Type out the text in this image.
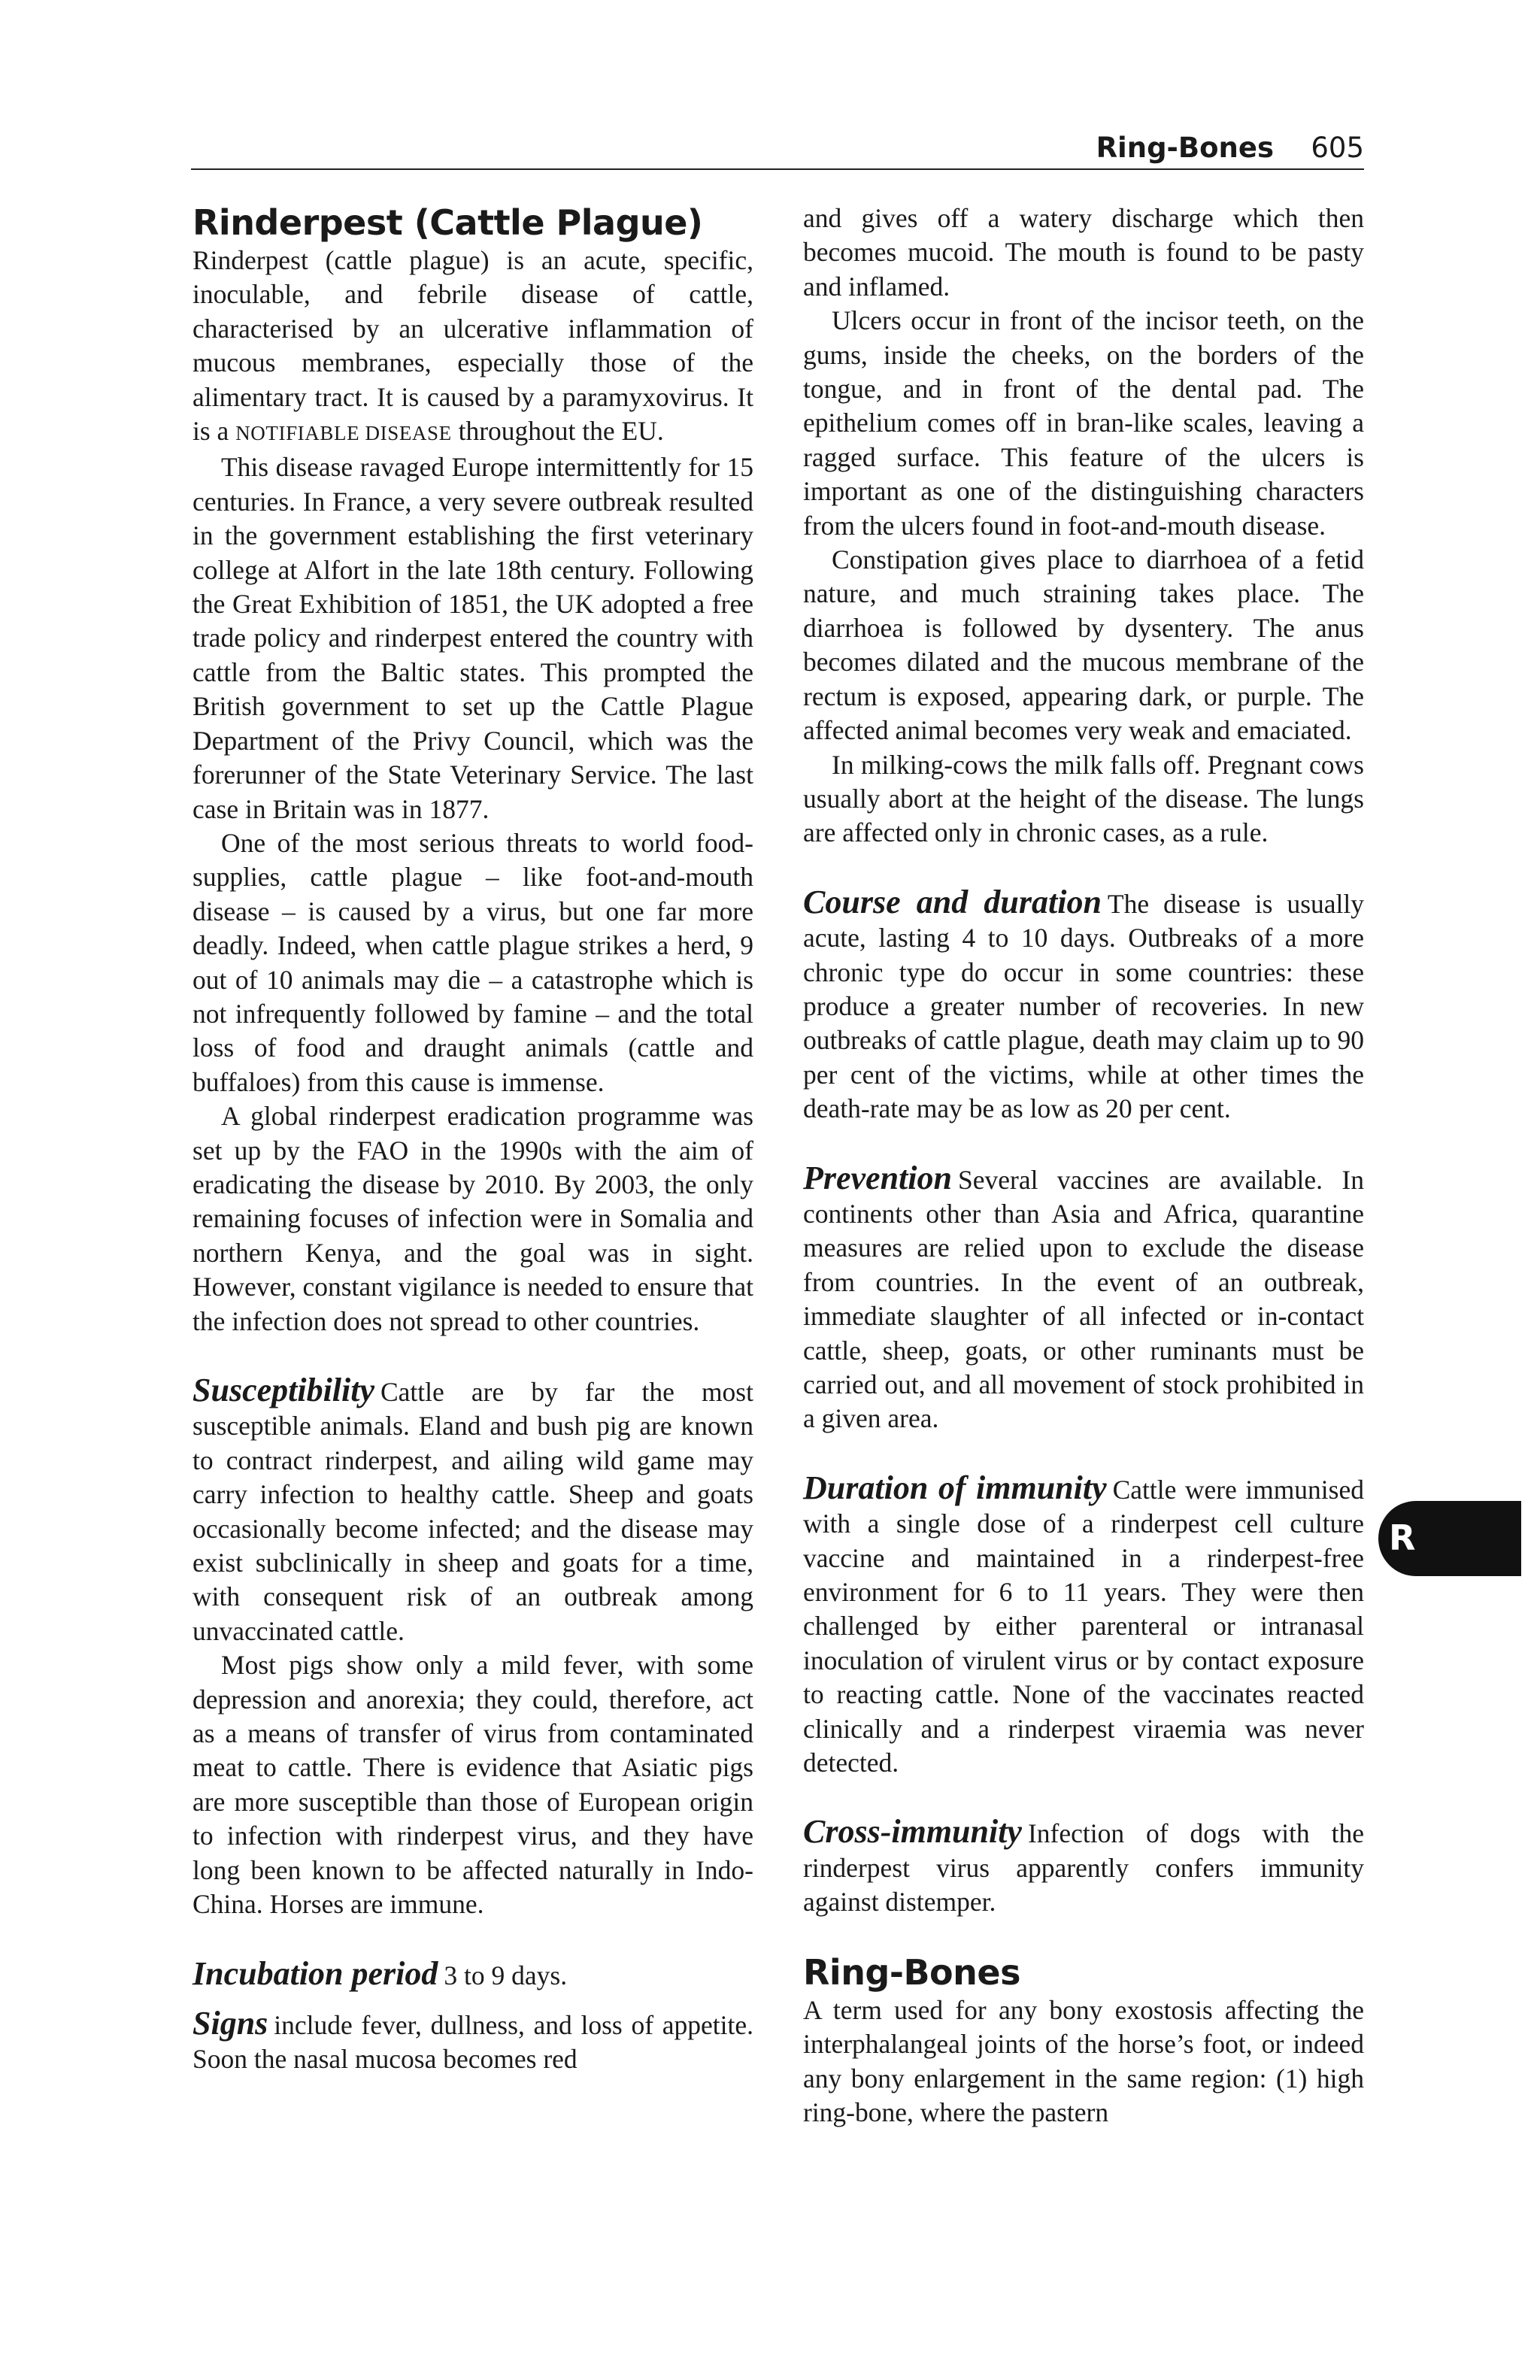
Ring-Bones 605
Rinderpest (Cattle Plague)

Rinderpest (cattle plague) is an acute, specific, inoculable, and febrile disease of cattle, characterised by an ulcerative inflammation of mucous membranes, especially those of the alimentary tract. It is caused by a paramyxovirus. It is a NOTIFIABLE DISEASE throughout the EU.

This disease ravaged Europe intermittently for 15 centuries. In France, a very severe outbreak resulted in the government establishing the first veterinary college at Alfort in the late 18th century. Following the Great Exhibition of 1851, the UK adopted a free trade policy and rinderpest entered the country with cattle from the Baltic states. This prompted the British government to set up the Cattle Plague Department of the Privy Council, which was the forerunner of the State Veterinary Service. The last case in Britain was in 1877.

One of the most serious threats to world food-supplies, cattle plague – like foot-and-mouth disease – is caused by a virus, but one far more deadly. Indeed, when cattle plague strikes a herd, 9 out of 10 animals may die – a catastrophe which is not infrequently followed by famine – and the total loss of food and draught animals (cattle and buffaloes) from this cause is immense.

A global rinderpest eradication programme was set up by the FAO in the 1990s with the aim of eradicating the disease by 2010. By 2003, the only remaining focuses of infection were in Somalia and northern Kenya, and the goal was in sight. However, constant vigilance is needed to ensure that the infection does not spread to other countries.

Susceptibility Cattle are by far the most susceptible animals. Eland and bush pig are known to contract rinderpest, and ailing wild game may carry infection to healthy cattle. Sheep and goats occasionally become infected; and the disease may exist subclinically in sheep and goats for a time, with consequent risk of an outbreak among unvaccinated cattle.

Most pigs show only a mild fever, with some depression and anorexia; they could, therefore, act as a means of transfer of virus from contaminated meat to cattle. There is evidence that Asiatic pigs are more susceptible than those of European origin to infection with rinderpest virus, and they have long been known to be affected naturally in Indo-China. Horses are immune.

Incubation period 3 to 9 days.

Signs include fever, dullness, and loss of appetite. Soon the nasal mucosa becomes red

and gives off a watery discharge which then becomes mucoid. The mouth is found to be pasty and inflamed.

Ulcers occur in front of the incisor teeth, on the gums, inside the cheeks, on the borders of the tongue, and in front of the dental pad. The epithelium comes off in bran-like scales, leaving a ragged surface. This feature of the ulcers is important as one of the distinguishing characters from the ulcers found in foot-and-mouth disease.

Constipation gives place to diarrhoea of a fetid nature, and much straining takes place. The diarrhoea is followed by dysentery. The anus becomes dilated and the mucous membrane of the rectum is exposed, appearing dark, or purple. The affected animal becomes very weak and emaciated.

In milking-cows the milk falls off. Pregnant cows usually abort at the height of the disease. The lungs are affected only in chronic cases, as a rule.

Course and duration The disease is usually acute, lasting 4 to 10 days. Outbreaks of a more chronic type do occur in some countries: these produce a greater number of recoveries. In new outbreaks of cattle plague, death may claim up to 90 per cent of the victims, while at other times the death-rate may be as low as 20 per cent.

Prevention Several vaccines are available. In continents other than Asia and Africa, quarantine measures are relied upon to exclude the disease from countries. In the event of an outbreak, immediate slaughter of all infected or in-contact cattle, sheep, goats, or other ruminants must be carried out, and all movement of stock prohibited in a given area.

Duration of immunity Cattle were immunised with a single dose of a rinderpest cell culture vaccine and maintained in a rinderpest-free environment for 6 to 11 years. They were then challenged by either parenteral or intranasal inoculation of virulent virus or by contact exposure to reacting cattle. None of the vaccinates reacted clinically and a rinderpest viraemia was never detected.

Cross-immunity Infection of dogs with the rinderpest virus apparently confers immunity against distemper.

Ring-Bones

A term used for any bony exostosis affecting the interphalangeal joints of the horse’s foot, or indeed any bony enlargement in the same region: (1) high ring-bone, where the pastern

R
